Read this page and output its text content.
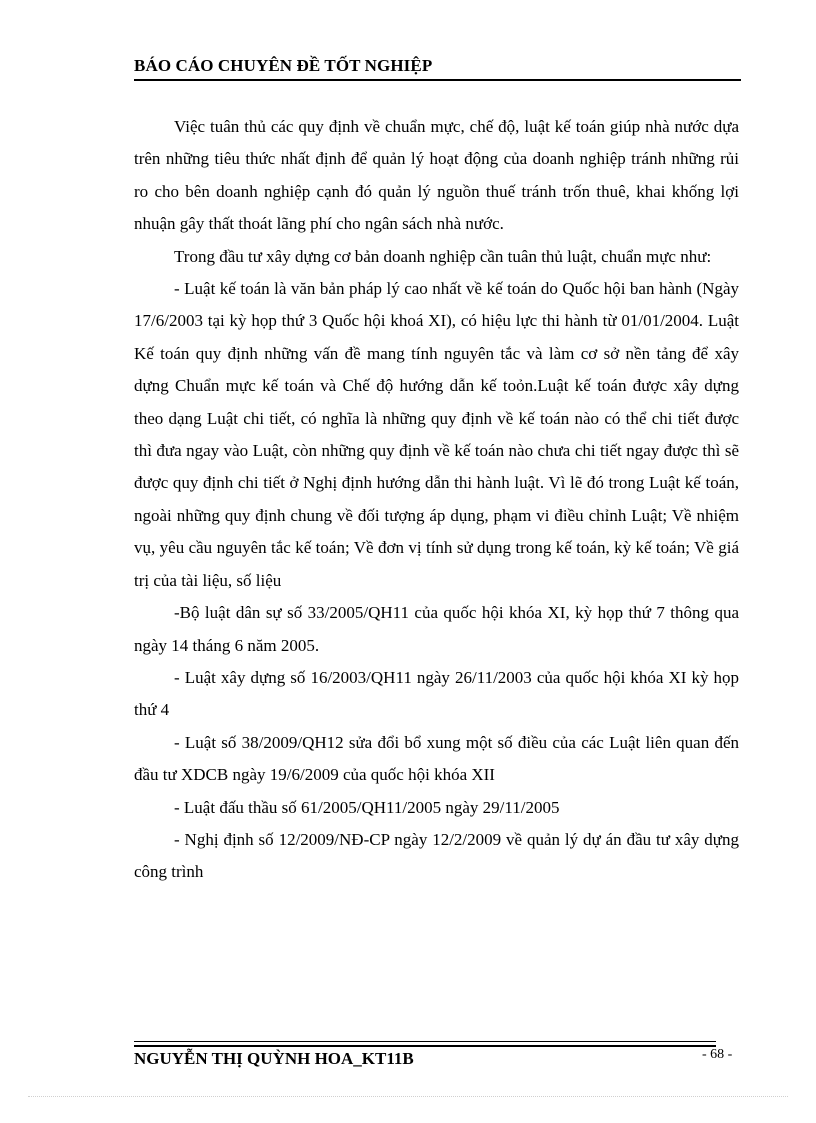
BÁO CÁO CHUYÊN ĐỀ TỐT NGHIỆP

Việc tuân thủ các quy định về chuẩn mực, chế độ, luật kế toán giúp nhà nước dựa trên những tiêu thức nhất định để quản lý hoạt động của doanh nghiệp tránh những rủi ro cho bên doanh nghiệp cạnh đó quản lý nguồn thuế tránh trốn thuê, khai khống lợi nhuận gây thất thoát lãng phí cho ngân sách nhà nước.

Trong đầu tư xây dựng cơ bản doanh nghiệp cần tuân thủ luật, chuẩn mực như:

- Luật kế toán là văn bản pháp lý cao nhất về kế toán do Quốc hội ban hành (Ngày 17/6/2003 tại kỳ họp thứ 3 Quốc hội khoá XI), có hiệu lực thi hành từ 01/01/2004. Luật Kế toán quy định những vấn đề mang tính nguyên tắc và làm cơ sở nền tảng để xây dựng Chuẩn mực kế toán và Chế độ hướng dẫn kế toỏn.Luật kế toán được xây dựng theo dạng Luật chi tiết, có nghĩa là những quy định về kế toán nào có thể chi tiết được thì đưa ngay vào Luật, còn những quy định về kế toán nào chưa chi tiết ngay được thì sẽ được quy định chi tiết ở Nghị định hướng dẫn thi hành luật. Vì lẽ đó trong Luật kế toán, ngoài những quy định chung về đối tượng áp dụng, phạm vi điều chỉnh Luật; Về nhiệm vụ, yêu cầu nguyên tắc kế toán; Về đơn vị tính sử dụng trong kế toán, kỳ kế toán; Về giá trị của tài liệu, số liệu

-Bộ luật dân sự số 33/2005/QH11 của quốc hội khóa XI, kỳ họp thứ 7 thông qua ngày 14 tháng 6 năm 2005.

- Luật xây dựng số 16/2003/QH11 ngày 26/11/2003 của quốc hội khóa XI kỳ họp thứ 4

- Luật số 38/2009/QH12 sửa đổi bổ xung một số điều của các Luật liên quan đến đầu tư XDCB ngày 19/6/2009 của quốc hội khóa XII

- Luật đấu thầu số 61/2005/QH11/2005 ngày 29/11/2005

- Nghị định số 12/2009/NĐ-CP ngày 12/2/2009 về quản lý dự án đầu tư xây dựng công trình

NGUYỄN THỊ QUỲNH HOA_KT11B	- 68 -
